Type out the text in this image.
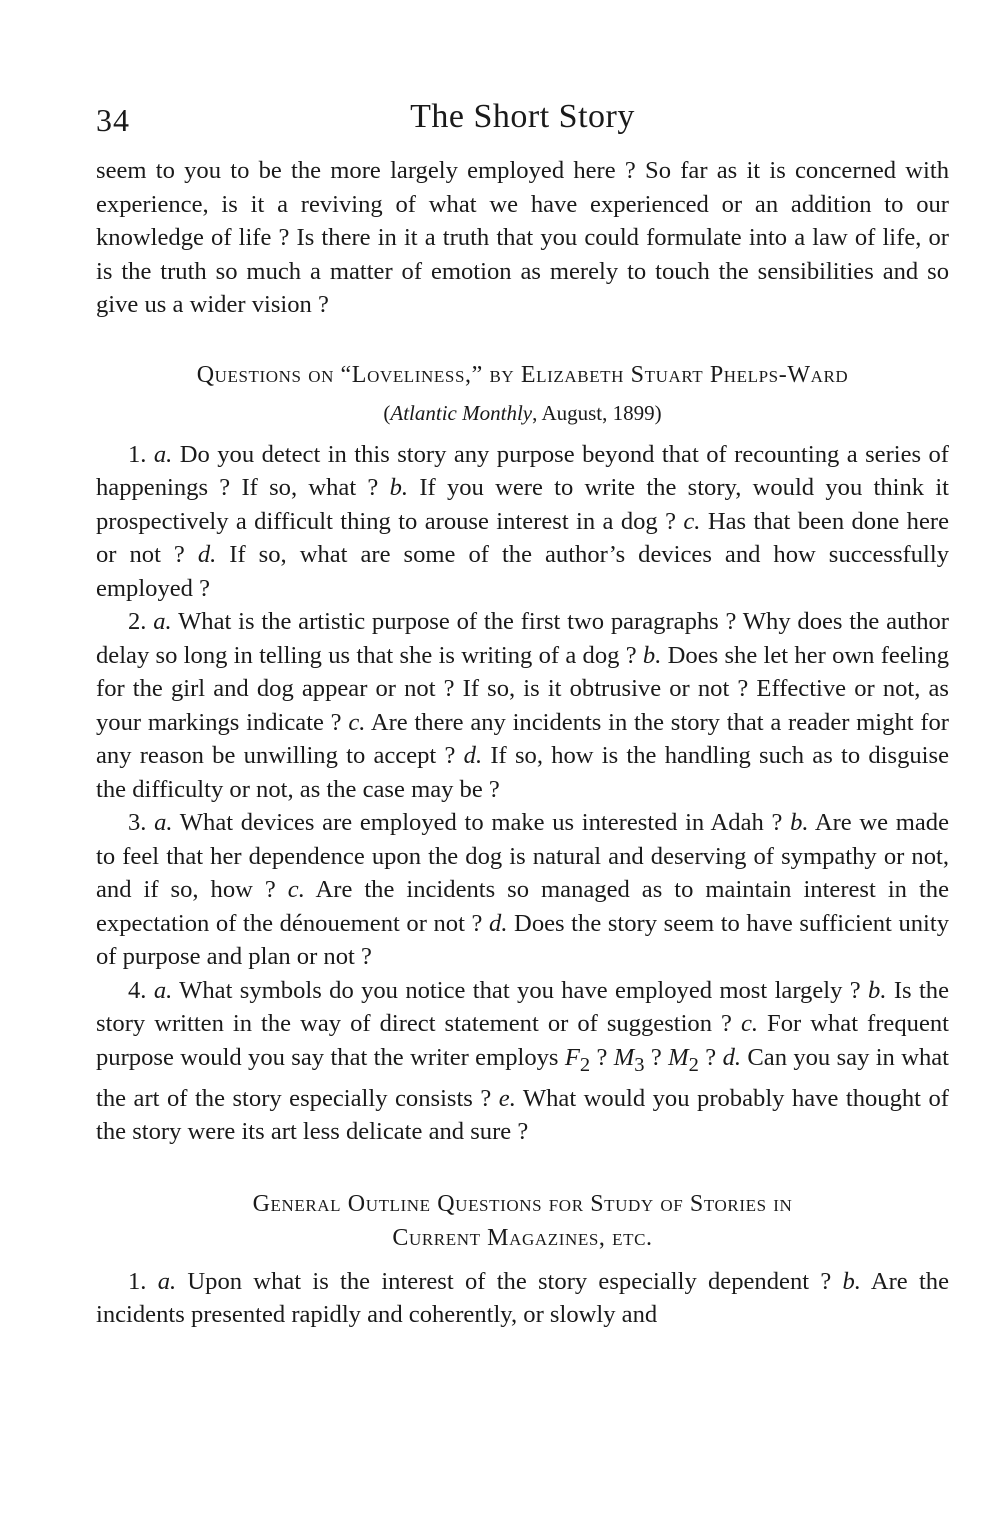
34	The Short Story

seem to you to be the more largely employed here ? So far as it is concerned with experience, is it a reviving of what we have experienced or an addition to our knowledge of life ? Is there in it a truth that you could formulate into a law of life, or is the truth so much a matter of emotion as merely to touch the sensibilities and so give us a wider vision ?

Questions on “Loveliness,” by Elizabeth Stuart Phelps-Ward

(Atlantic Monthly, August, 1899)

1. a. Do you detect in this story any purpose beyond that of recounting a series of happenings ? If so, what ? b. If you were to write the story, would you think it prospectively a difficult thing to arouse interest in a dog ? c. Has that been done here or not ? d. If so, what are some of the author’s devices and how successfully employed ?

2. a. What is the artistic purpose of the first two paragraphs ? Why does the author delay so long in telling us that she is writing of a dog ? b. Does she let her own feeling for the girl and dog appear or not ? If so, is it obtrusive or not ? Effective or not, as your markings indicate ? c. Are there any incidents in the story that a reader might for any reason be unwilling to accept ? d. If so, how is the handling such as to disguise the difficulty or not, as the case may be ?

3. a. What devices are employed to make us interested in Adah ? b. Are we made to feel that her dependence upon the dog is natural and deserving of sympathy or not, and if so, how ? c. Are the incidents so managed as to maintain interest in the expectation of the dénouement or not ? d. Does the story seem to have sufficient unity of purpose and plan or not ?

4. a. What symbols do you notice that you have employed most largely ? b. Is the story written in the way of direct statement or of suggestion ? c. For what frequent purpose would you say that the writer employs $F_2$ ? $M_3$ ? $M_2$ ? d. Can you say in what the art of the story especially consists ? e. What would you probably have thought of the story were its art less delicate and sure ?

General Outline Questions for Study of Stories in
Current Magazines, etc.

1. a. Upon what is the interest of the story especially dependent ? b. Are the incidents presented rapidly and coherently, or slowly and
